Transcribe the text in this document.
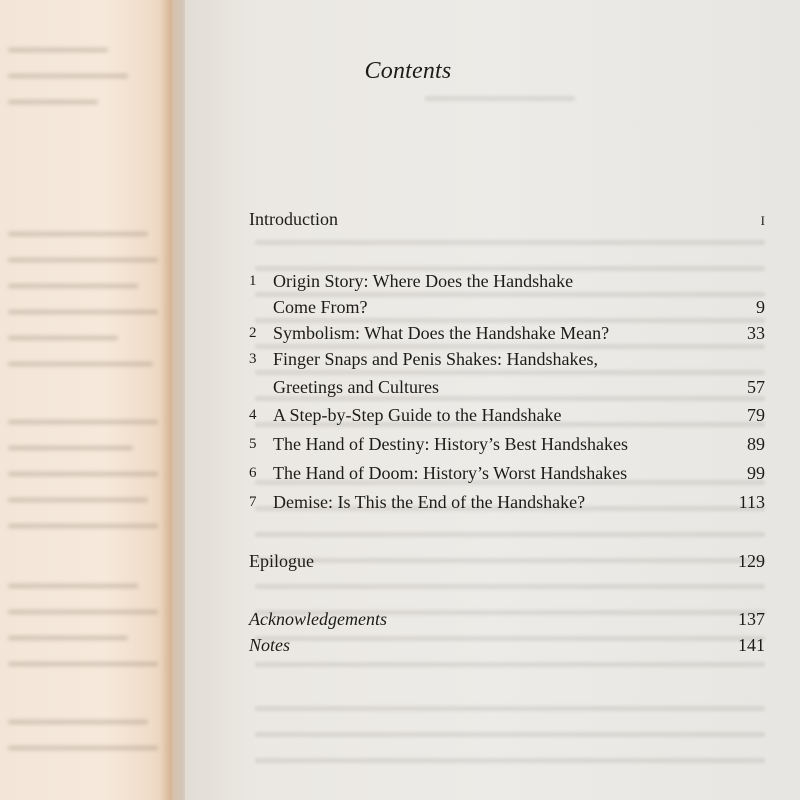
Contents
Introduction	i
1 Origin Story: Where Does the Handshake
Come From?	9
2 Symbolism: What Does the Handshake Mean?	33
3 Finger Snaps and Penis Shakes: Handshakes,
Greetings and Cultures	57
4 A Step-by-Step Guide to the Handshake	79
5 The Hand of Destiny: History’s Best Handshakes	89
6 The Hand of Doom: History’s Worst Handshakes	99
7 Demise: Is This the End of the Handshake?	113
Epilogue	129
Acknowledgements	137
Notes	141
